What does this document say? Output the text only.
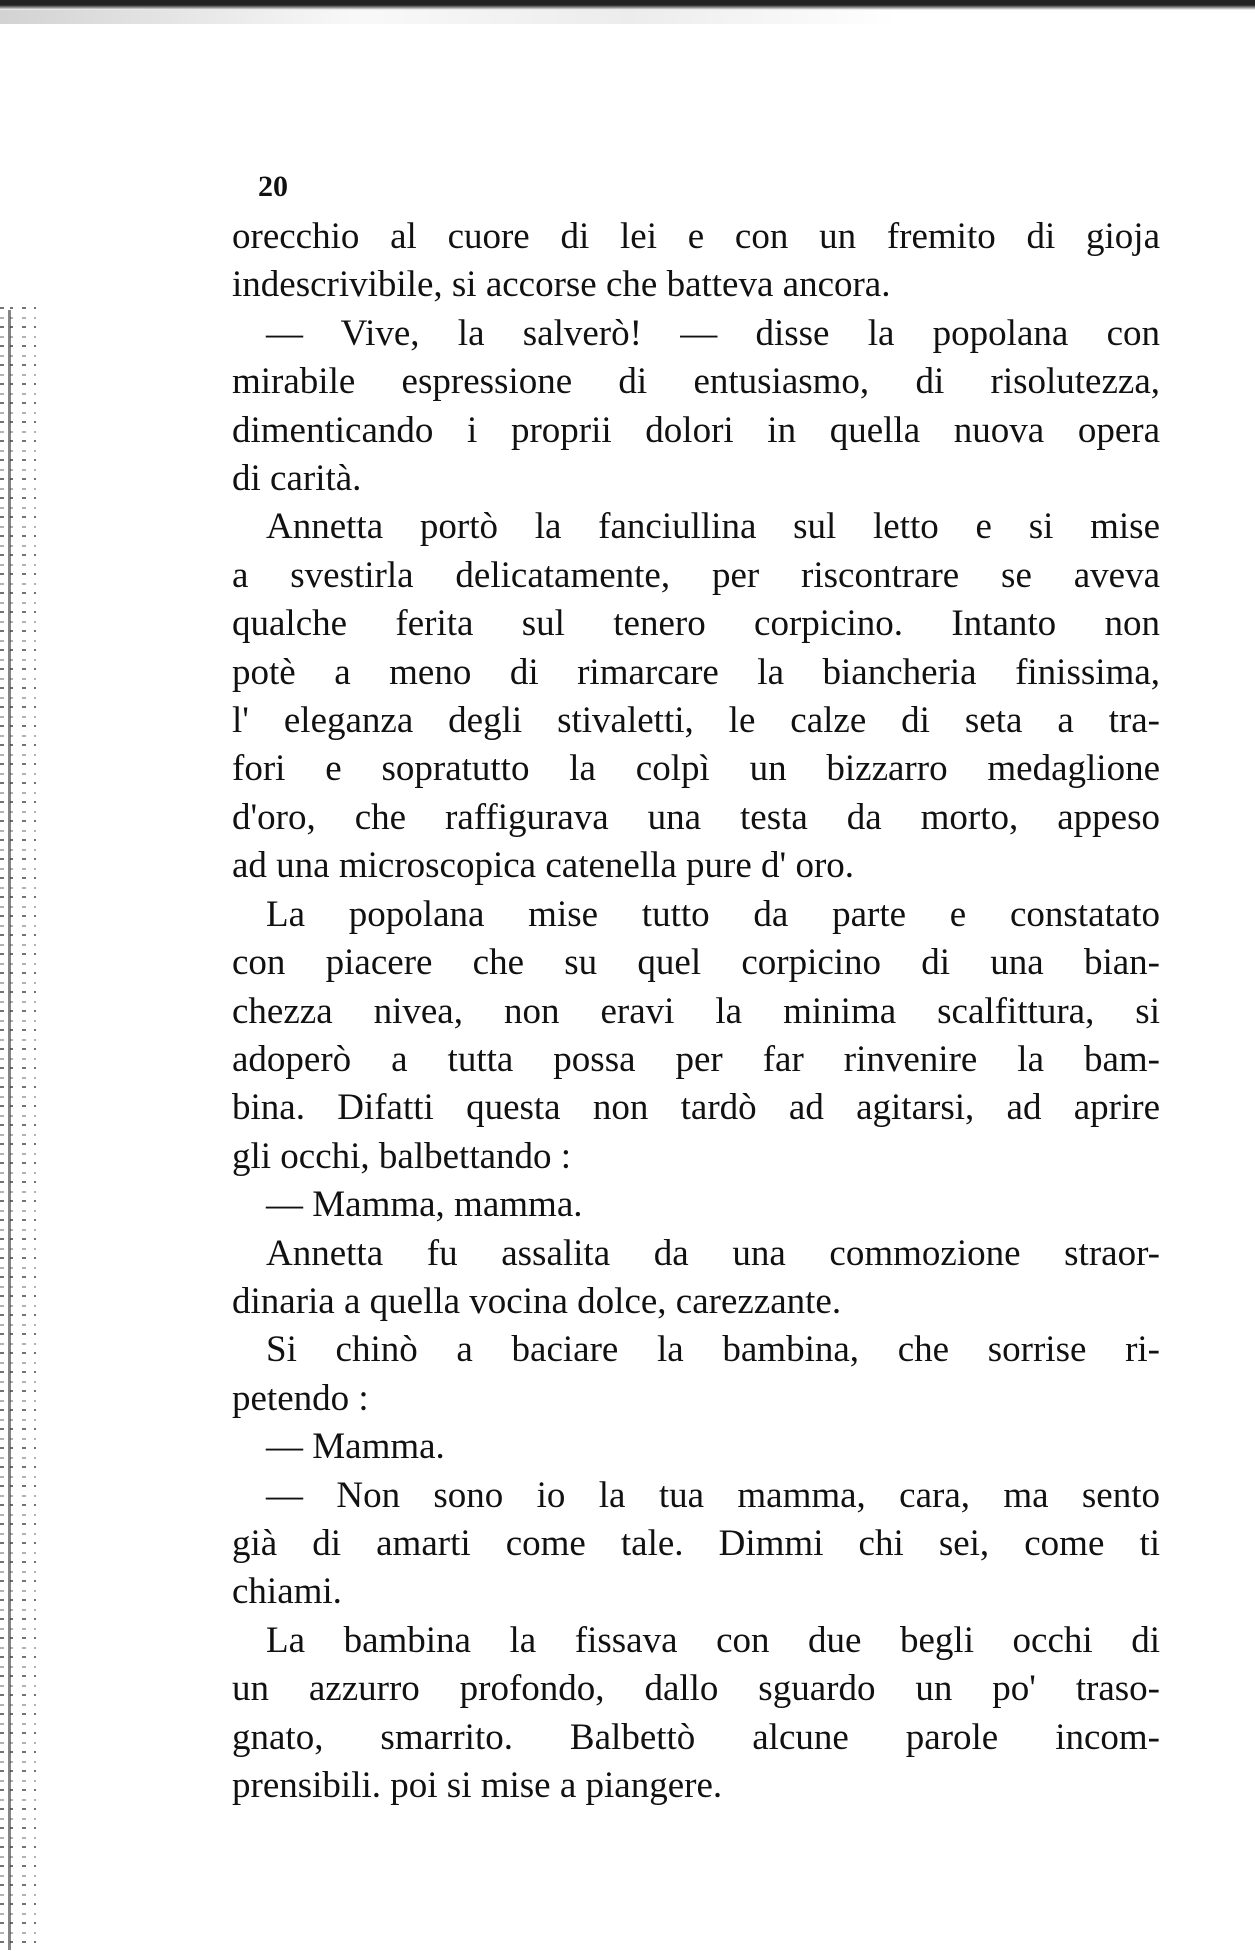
20
orecchio al cuore di lei e con un fremito di gioja
indescrivibile, si accorse che batteva ancora.
— Vive, la salverò! — disse la popolana con
mirabile espressione di entusiasmo, di risolutezza,
dimenticando i proprii dolori in quella nuova opera
di carità.
Annetta portò la fanciullina sul letto e si mise
a svestirla delicatamente, per riscontrare se aveva
qualche ferita sul tenero corpicino. Intanto non
potè a meno di rimarcare la biancheria finissima,
l' eleganza degli stivaletti, le calze di seta a tra-
fori e sopratutto la colpì un bizzarro medaglione
d'oro, che raffigurava una testa da morto, appeso
ad una microscopica catenella pure d' oro.
La popolana mise tutto da parte e constatato
con piacere che su quel corpicino di una bian-
chezza nivea, non eravi la minima scalfittura, si
adoperò a tutta possa per far rinvenire la bam-
bina. Difatti questa non tardò ad agitarsi, ad aprire
gli occhi, balbettando :
— Mamma, mamma.
Annetta fu assalita da una commozione straor-
dinaria a quella vocina dolce, carezzante.
Si chinò a baciare la bambina, che sorrise ri-
petendo :
— Mamma.
— Non sono io la tua mamma, cara, ma sento
già di amarti come tale. Dimmi chi sei, come ti
chiami.
La bambina la fissava con due begli occhi di
un azzurro profondo, dallo sguardo un po' traso-
gnato, smarrito. Balbettò alcune parole incom-
prensibili. poi si mise a piangere.
